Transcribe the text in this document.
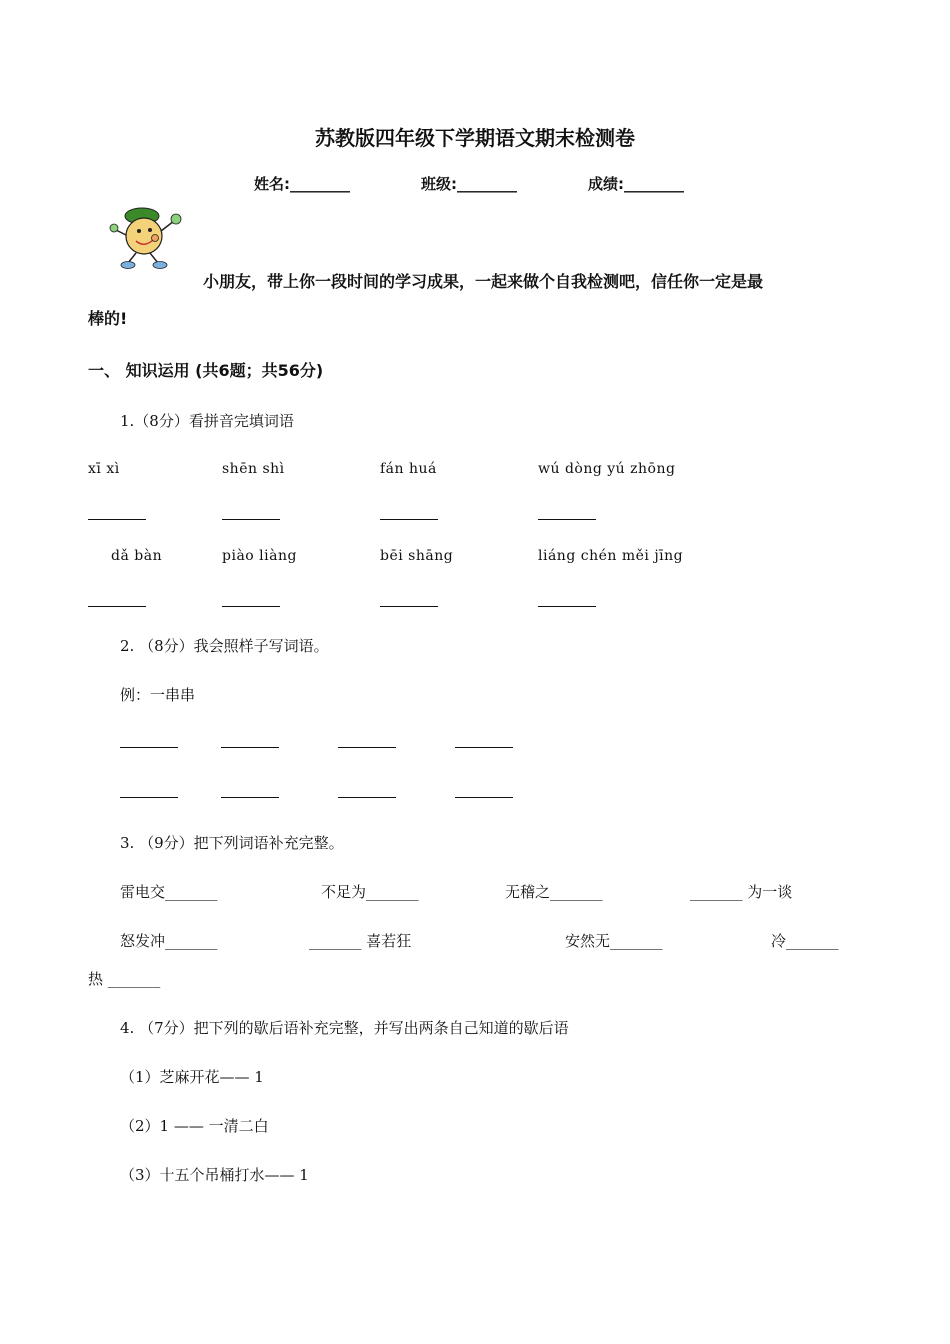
苏教版四年级下学期语文期末检测卷
姓名:________	班级:________	成绩:________
小朋友，带上你一段时间的学习成果，一起来做个自我检测吧，信任你一定是最
棒的!
一、 知识运用 (共6题；共56分)
1.（8分）看拼音完填词语
xī xì	shēn shì	fán huá	wú dòng yú zhōng
dǎ bàn	piào liàng	bēi shāng	liáng chén měi jīng
2. （8分）我会照样子写词语。
例：一串串
3. （9分）把下列词语补充完整。
雷电交_______	不足为_______	无稽之_______	_______ 为一谈
怒发冲_______	_______ 喜若狂	安然无_______	冷_______
热 _______
4. （7分）把下列的歇后语补充完整，并写出两条自己知道的歇后语
（1）芝麻开花—— 1
（2）1 —— 一清二白
（3）十五个吊桶打水—— 1
